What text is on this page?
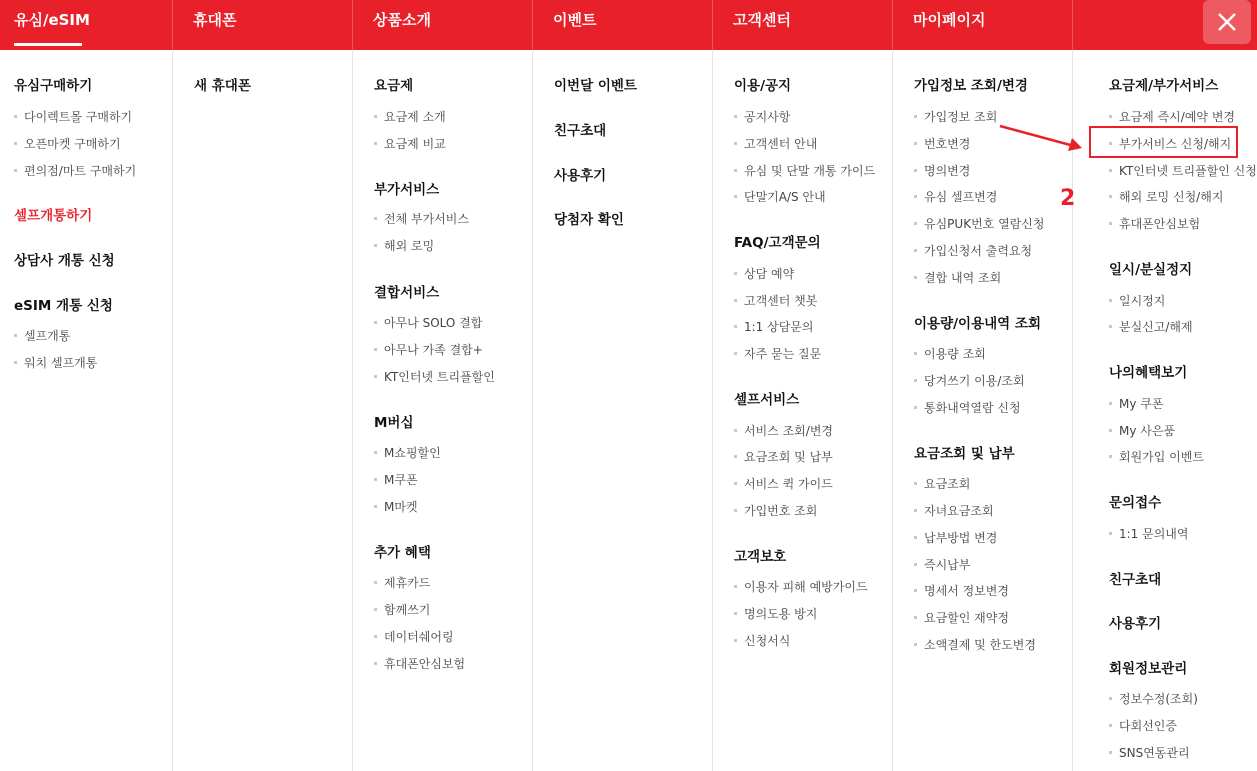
유심/eSIM	휴대폰	상품소개	이벤트	고객센터	마이페이지
유심구매하기
다이렉트몰 구매하기
오픈마켓 구매하기
편의점/마트 구매하기
셀프개통하기
상담사 개통 신청
eSIM 개통 신청
셀프개통
워치 셀프개통
새 휴대폰	요금제
요금제 소개
요금제 비교
부가서비스
전체 부가서비스
해외 로밍
결합서비스
아무나 SOLO 결합
아무나 가족 결합+
KT인터넷 트리플할인
M버십
M쇼핑할인
M쿠폰
M마켓
추가 혜택
제휴카드
함께쓰기
데이터쉐어링
휴대폰안심보험
이번달 이벤트
친구초대
사용후기
당첨자 확인
이용/공지
공지사항
고객센터 안내
유심 및 단말 개통 가이드
단말기A/S 안내
FAQ/고객문의
상담 예약
고객센터 챗봇
1:1 상담문의
자주 묻는 질문
셀프서비스
서비스 조회/변경
요금조회 및 납부
서비스 퀵 가이드
가입번호 조회
고객보호
이용자 피해 예방가이드
명의도용 방지
신청서식
가입정보 조회/변경
가입정보 조회
번호변경
명의변경
유심 셀프변경
유심PUK번호 열람신청
가입신청서 출력요청
결합 내역 조회
이용량/이용내역 조회
이용량 조회
당겨쓰기 이용/조회
통화내역열람 신청
요금조회 및 납부
요금조회
자녀요금조회
납부방법 변경
즉시납부
명세서 정보변경
요금할인 재약정
소액결제 및 한도변경
요금제/부가서비스
요금제 즉시/예약 변경
부가서비스 신청/해지
KT인터넷 트리플할인 신청
해외 로밍 신청/해지
휴대폰안심보험
일시/분실정지
일시정지
분실신고/해제
나의혜택보기
My 쿠폰
My 사은품
회원가입 이벤트
문의접수
1:1 문의내역
친구초대
사용후기
회원정보관리
정보수정(조회)
다회선인증
SNS연동관리
2
